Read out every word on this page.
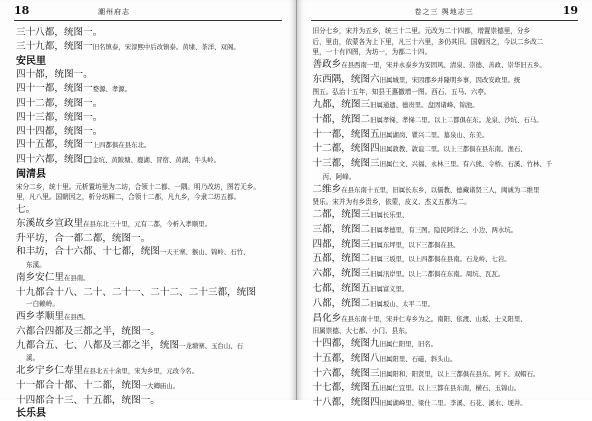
18	潮州府志
三十八都，统图一。
三十九都，统图一旧名镇泰，宋淳熙中后改镇泰。黄埭、茶洋、双阁。
安民里
四十都，统图一。
四十一都，统图一婺源、孝源。
四十二都，统图一。
四十三都，统图一。
四十四都，统图一。
四十五都，统图一上四都俱在县东北。
四十六都，统图□金坑、黄陂塘、鹿湖、冒宿、黄湖、牛头岭。
闽清县
宋分二乡，统十里。元析置坊里为二坊，合领十二都、一隅。明乃改坊，图若无乡。
里，凡八里。国朝因之，析分坊厢二，合领十二都，凡九乡，今隶二坊五都。
七。
东溪故乡宣政里在县东北三十里，元有二都，今析入孝顺里。
升平坊，合一都二都，统图一。
和丰坊，合十六都、十七都，统图一天王寨、猴山、锦岭、石竹、
东溪。
南乡安仁里在县南。
十九都合十八、二十、二十一、二十二、二十三都，统图
一白赖岭。
西乡孝顺里在县西。
六都合四都及三都之半，统图一。
九都合五、七、八都及三都之半，统图一龙塘寨、玉台山、石
溪。
北乡宁乡仁寿里在县北五十余里，宋为乡里，元改今名。
十一都合十都、十二都，统图一大卿庙山。
十四都合十三、十五都，统图一。
长乐县
卷之三 舆地志三	19
旧分七乡，宋并为五乡，统三十二里。元改为二十四都，增置崇德里，分乡
后，里由，依蒙各为上下里，凡三十六里，多仍其旧。国朝因之，今以二乡改二
里，一十有四图，为坊一，为都二十四。
善政乡在县西南一里，宋并永泰乡为安固风、清泉、崇德、善政、崇华旧五乡。
东西隅，统图六旧属城里，宋因郡乡并隆明乡事，因改安政里。统
图五。弘治十五年，知县王惠撤增一图。西石、五马、六亭。
九都，统图三旧属通遗、德贵里。盘固诸峰、锦池。
十都，统图二旧属孝悌、孝悌二里。以上二都俱在东。龙泉、沙坑、石马。
十一都，统图五旧属湖岗、瞿兴二里。墓泉山、东美。
十二都，统图四旧属敦教、敦谊二里。以上三都俱在县东南。渔石、
十三都，统图三旧属仁文、兴福、永林三里。有六熊、令桥。石溪、竹林、千
丙、阿峰。
二维乡在县东南十五里，旧属长东乡，以儒教、德藏诸贤三人，闽诚为二维里
贤乐。宋并为有乡贵乡，依蒙，皮义、杰义五都为二。
二都，统图三旧属长乐里、
三都，统图二旧属孝德里，有三图。隐民阿洋之、小边、两水坑。
四都，统图三旧属东坪里，以下三都俱在县。
五都，统图二旧属三坂里，以上四都俱在县南。石龙岭、七岩。
六都，统图三旧属汛岸里。以上二都俱在东南。周坑、瓦瓦。
七都，统图五旧属富义里。
八都，统图二旧属坂山、太平二里。
昌化乡在县东南十里，宋并仁寿乡为之。南阳、依渡、山坂、士义阳里、
旧属崇德、大七都、小门、县东。
十四都，统图九旧属仁阳里，旧名。
十五都，统图八旧属阳里、石磁、斜头山。
十六都，统图三旧属阳和、阳贤里，以上三都俱在县东。阿下、双帽石。
十七都，统图五旧属仁宜里。以上三都在县东南，横石、玉锦山。
十八都，统图四旧属湖峰里、梁仕二里。李溪、石花、溪水、埂井。
